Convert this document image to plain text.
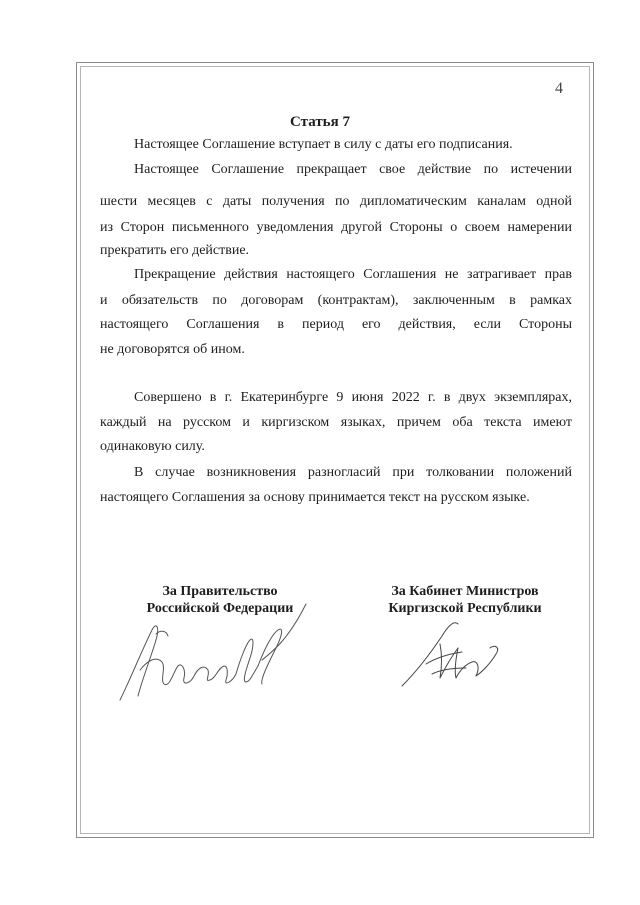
4
Статья 7
Настоящее Соглашение вступает в силу с даты его подписания.
Настоящее Соглашение прекращает свое действие по истечении
шести месяцев с даты получения по дипломатическим каналам одной
из Сторон письменного уведомления другой Стороны о своем намерении
прекратить его действие.
Прекращение действия настоящего Соглашения не затрагивает прав
и обязательств по договорам (контрактам), заключенным в рамках
настоящего Соглашения в период его действия, если Стороны
не договорятся об ином.
Совершено в г. Екатеринбурге 9 июня 2022 г. в двух экземплярах,
каждый на русском и киргизском языках, причем оба текста имеют
одинаковую силу.
В случае возникновения разногласий при толковании положений
настоящего Соглашения за основу принимается текст на русском языке.
За Правительство
Российской Федерации
За Кабинет Министров
Киргизской Республики
